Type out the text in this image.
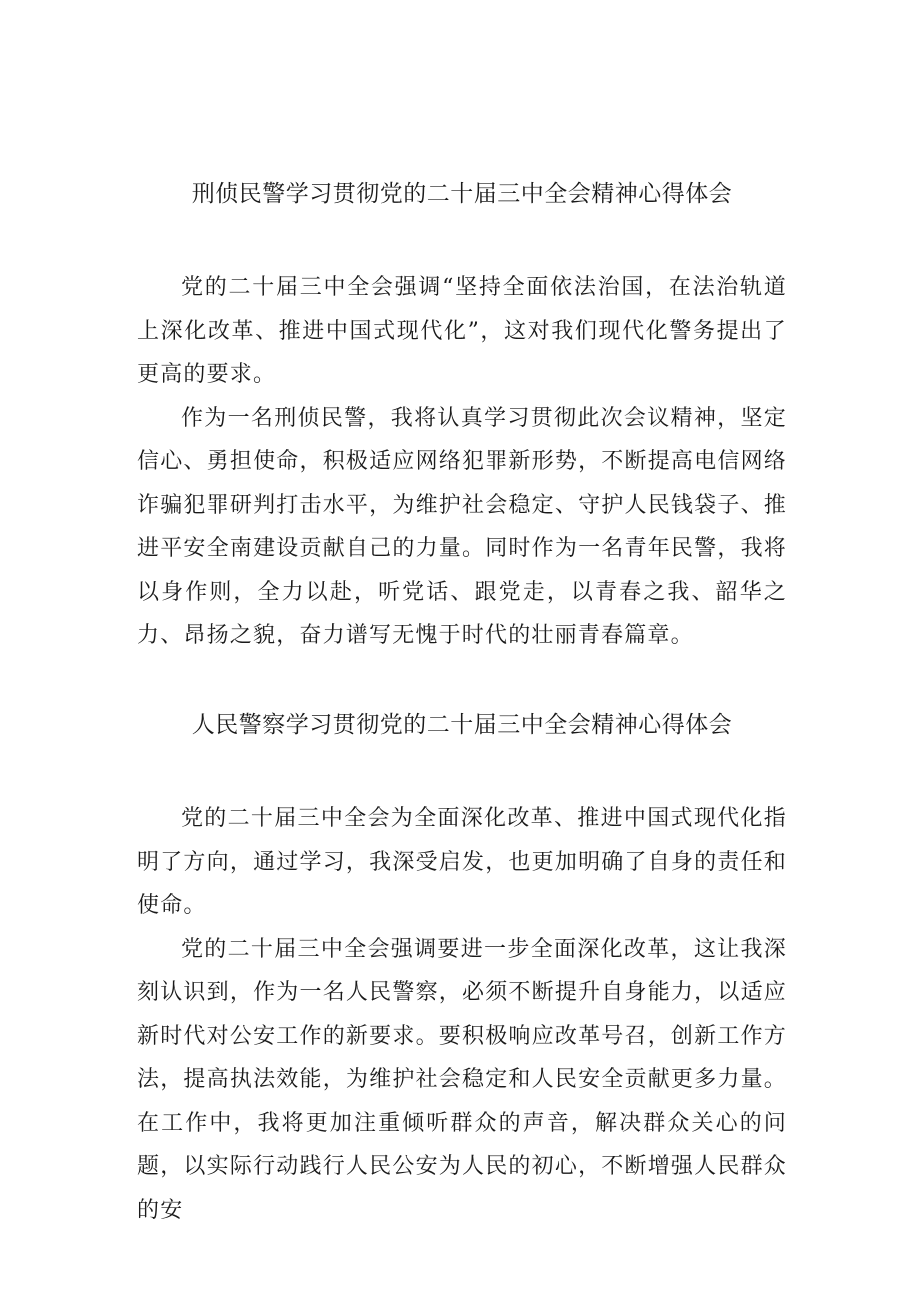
刑侦民警学习贯彻党的二十届三中全会精神心得体会

党的二十届三中全会强调“坚持全面依法治国，在法治轨道上深化改革、推进中国式现代化”，这对我们现代化警务提出了更高的要求。

作为一名刑侦民警，我将认真学习贯彻此次会议精神，坚定信心、勇担使命，积极适应网络犯罪新形势，不断提高电信网络诈骗犯罪研判打击水平，为维护社会稳定、守护人民钱袋子、推进平安全南建设贡献自己的力量。同时作为一名青年民警，我将以身作则，全力以赴，听党话、跟党走，以青春之我、韶华之力、昂扬之貌，奋力谱写无愧于时代的壮丽青春篇章。

人民警察学习贯彻党的二十届三中全会精神心得体会

党的二十届三中全会为全面深化改革、推进中国式现代化指明了方向，通过学习，我深受启发，也更加明确了自身的责任和使命。

党的二十届三中全会强调要进一步全面深化改革，这让我深刻认识到，作为一名人民警察，必须不断提升自身能力，以适应新时代对公安工作的新要求。要积极响应改革号召，创新工作方法，提高执法效能，为维护社会稳定和人民安全贡献更多力量。在工作中，我将更加注重倾听群众的声音，解决群众关心的问题，以实际行动践行人民公安为人民的初心，不断增强人民群众的安
